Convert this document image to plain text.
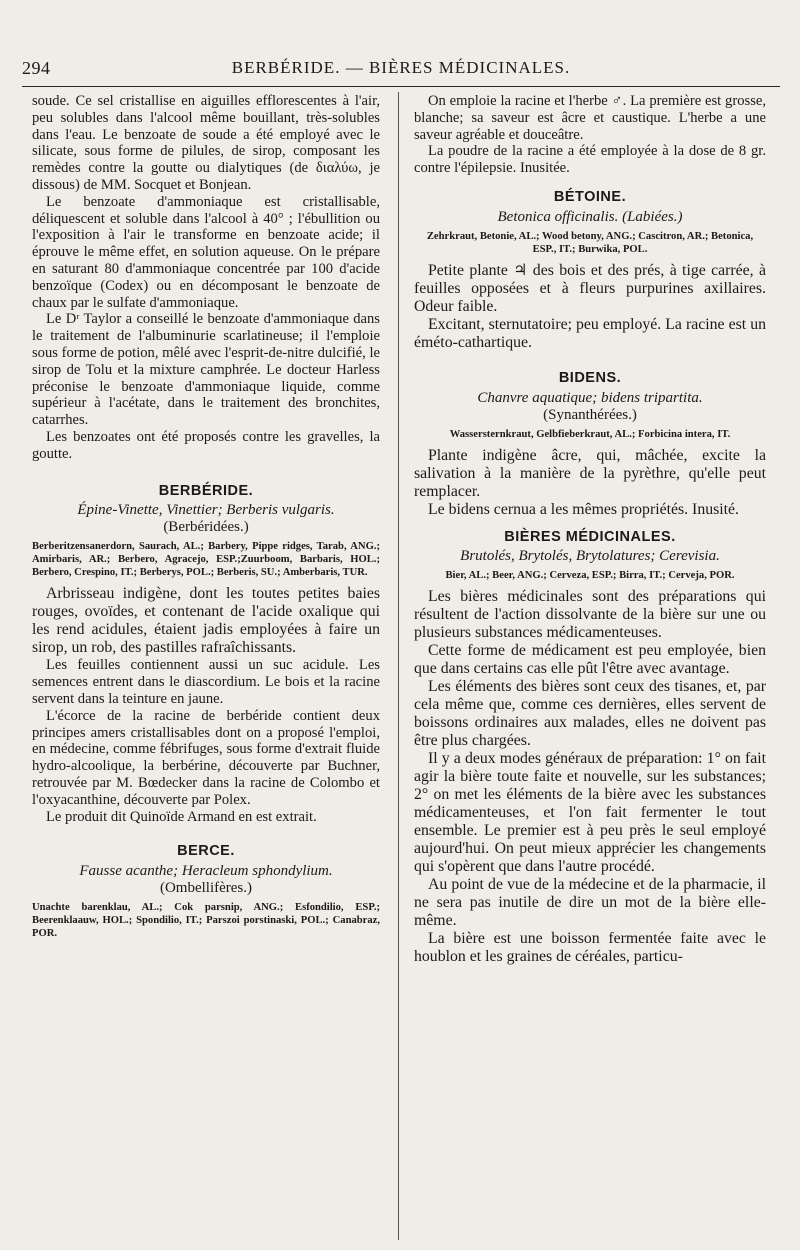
294	BERBÉRIDE. — BIÈRES MÉDICINALES.

soude. Ce sel cristallise en aiguilles efflorescentes à l'air, peu solubles dans l'alcool même bouillant, très-solubles dans l'eau. Le benzoate de soude a été employé avec le silicate, sous forme de pilules, de sirop, composant les remèdes contre la goutte ou dialytiques (de διαλύω, je dissous) de MM. Socquet et Bonjean.

Le benzoate d'ammoniaque est cristallisable, déliquescent et soluble dans l'alcool à 40° ; l'ébullition ou l'exposition à l'air le transforme en benzoate acide; il éprouve le même effet, en solution aqueuse. On le prépare en saturant 80 d'ammoniaque concentrée par 100 d'acide benzoïque (Codex) ou en décomposant le benzoate de chaux par le sulfate d'ammoniaque.

Le Dʳ Taylor a conseillé le benzoate d'ammoniaque dans le traitement de l'albuminurie scarlatineuse; il l'emploie sous forme de potion, mêlé avec l'esprit-de-nitre dulcifié, le sirop de Tolu et la mixture camphrée. Le docteur Harless préconise le benzoate d'ammoniaque liquide, comme supérieur à l'acétate, dans le traitement des bronchites, catarrhes.

Les benzoates ont été proposés contre les gravelles, la goutte.

BERBÉRIDE.
Épine-Vinette, Vinettier; Berberis vulgaris.
(Berbéridées.)
Berberitzensanerdorn, Saurach, AL.; Barbery, Pippe ridges, Tarab, ANG.; Amirbaris, AR.; Berbero, Agracejo, ESP.;Zuurboom, Barbaris, HOL.; Berbero, Crespino, IT.; Berberys, POL.; Berberis, SU.; Amberbaris, TUR.

Arbrisseau indigène, dont les toutes petites baies rouges, ovoïdes, et contenant de l'acide oxalique qui les rend acidules, étaient jadis employées à faire un sirop, un rob, des pastilles rafraîchissants.

Les feuilles contiennent aussi un suc acidule. Les semences entrent dans le diascordium. Le bois et la racine servent dans la teinture en jaune.

L'écorce de la racine de berbéride contient deux principes amers cristallisables dont on a proposé l'emploi, en médecine, comme fébrifuges, sous forme d'extrait fluide hydro-alcoolique, la berbérine, découverte par Buchner, retrouvée par M. Bœdecker dans la racine de Colombo et l'oxyacanthine, découverte par Polex.

Le produit dit Quinoïde Armand en est extrait.

BERCE.
Fausse acanthe; Heracleum sphondylium.
(Ombellifères.)
Unachte barenklau, AL.; Cok parsnip, ANG.; Esfondilio, ESP.; Beerenklaauw, HOL.; Spondilio, IT.; Parszoi porstinaski, POL.; Canabraz, POR.

On emploie la racine et l'herbe ♂. La première est grosse, blanche; sa saveur est âcre et caustique. L'herbe a une saveur agréable et douceâtre.

La poudre de la racine a été employée à la dose de 8 gr. contre l'épilepsie. Inusitée.

BÉTOINE.
Betonica officinalis. (Labiées.)
Zehrkraut, Betonie, AL.; Wood betony, ANG.; Cascitron, AR.; Betonica, ESP., IT.; Burwika, POL.

Petite plante ♃ des bois et des prés, à tige carrée, à feuilles opposées et à fleurs purpurines axillaires. Odeur faible.

Excitant, sternutatoire; peu employé. La racine est un éméto-cathartique.

BIDENS.
Chanvre aquatique; bidens tripartita.
(Synanthérées.)
Wassersternkraut, Gelbfieberkraut, AL.; Forbicina intera, IT.

Plante indigène âcre, qui, mâchée, excite la salivation à la manière de la pyrèthre, qu'elle peut remplacer.

Le bidens cernua a les mêmes propriétés. Inusité.

BIÈRES MÉDICINALES.
Brutolés, Brytolés, Brytolatures; Cerevisia.
Bier, AL.; Beer, ANG.; Cerveza, ESP.; Birra, IT.; Cerveja, POR.

Les bières médicinales sont des préparations qui résultent de l'action dissolvante de la bière sur une ou plusieurs substances médicamenteuses.

Cette forme de médicament est peu employée, bien que dans certains cas elle pût l'être avec avantage.

Les éléments des bières sont ceux des tisanes, et, par cela même que, comme ces dernières, elles servent de boissons ordinaires aux malades, elles ne doivent pas être plus chargées.

Il y a deux modes généraux de préparation: 1° on fait agir la bière toute faite et nouvelle, sur les substances; 2° on met les éléments de la bière avec les substances médicamenteuses, et l'on fait fermenter le tout ensemble. Le premier est à peu près le seul employé aujourd'hui. On peut mieux apprécier les changements qui s'opèrent que dans l'autre procédé.

Au point de vue de la médecine et de la pharmacie, il ne sera pas inutile de dire un mot de la bière elle-même.

La bière est une boisson fermentée faite avec le houblon et les graines de céréales, particu-
